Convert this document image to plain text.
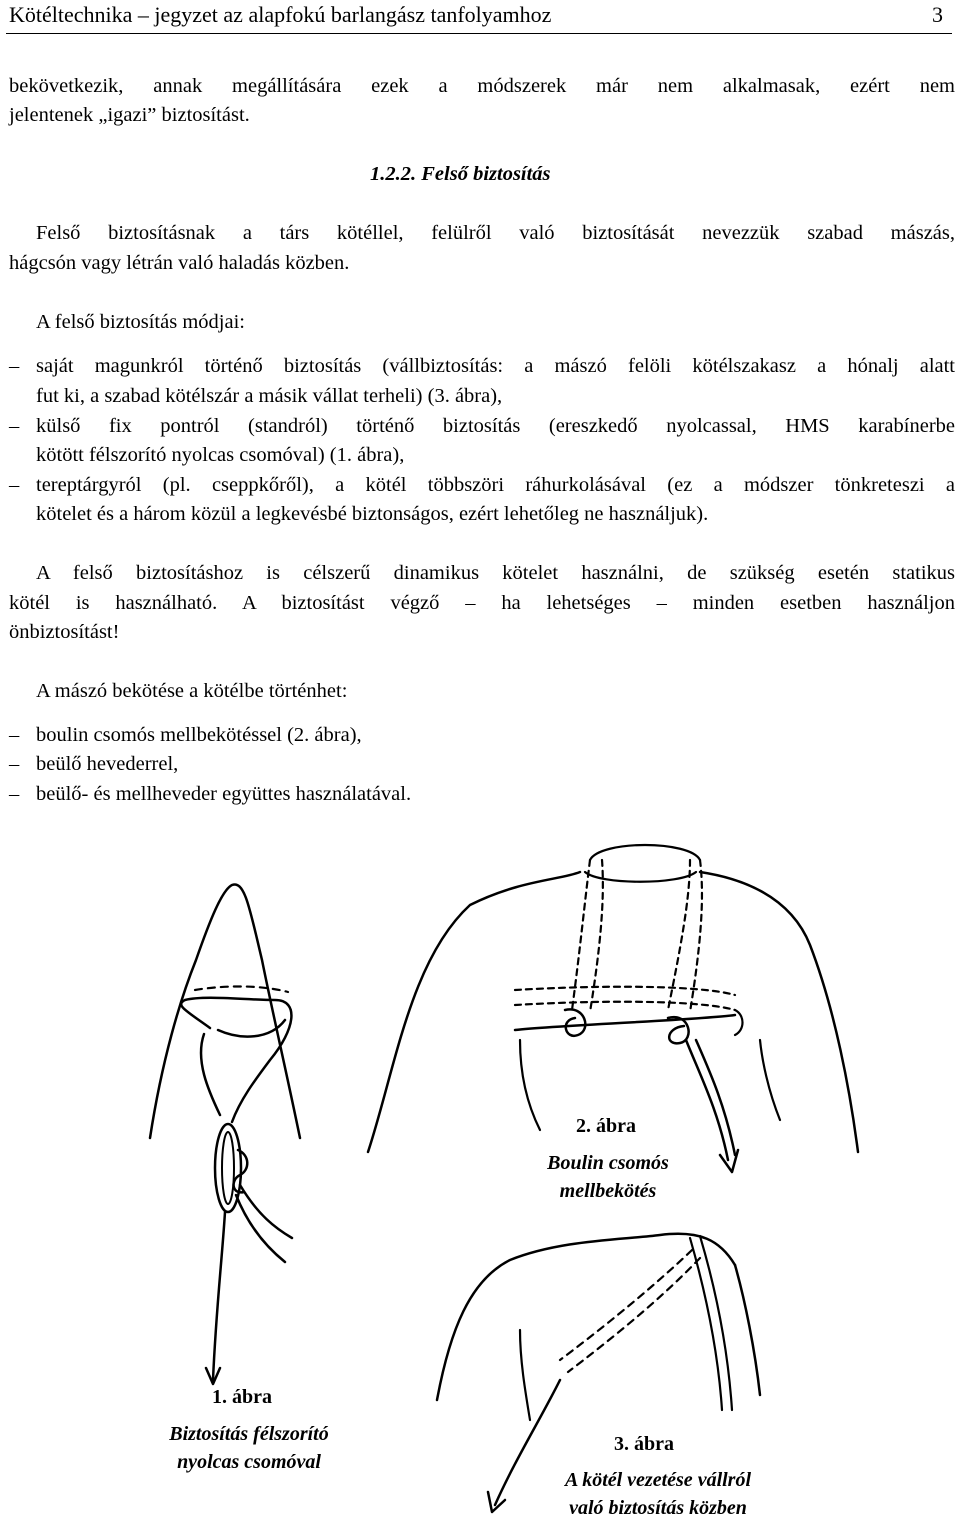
Kötéltechnika – jegyzet az alapfokú barlangász tanfolyamhoz	3
bekövetkezik, annak megállítására ezek a módszerek már nem alkalmasak, ezért nem
jelentenek „igazi” biztosítást.
1.2.2. Felső biztosítás
Felső biztosításnak a társ kötéllel, felülről való biztosítását nevezzük szabad mászás,
hágcsón vagy létrán való haladás közben.
A felső biztosítás módjai:
– saját magunkról történő biztosítás (vállbiztosítás: a mászó felöli kötélszakasz a hónalj alatt
fut ki, a szabad kötélszár a másik vállat terheli) (3. ábra),
– külső fix pontról (standról) történő biztosítás (ereszkedő nyolcassal, HMS karabínerbe
kötött félszorító nyolcas csomóval) (1. ábra),
– tereptárgyról (pl. cseppkőről), a kötél többszöri ráhurkolásával (ez a módszer tönkreteszi a
kötelet és a három közül a legkevésbé biztonságos, ezért lehetőleg ne használjuk).
A felső biztosításhoz is célszerű dinamikus kötelet használni, de szükség esetén statikus
kötél is használható. A biztosítást végző – ha lehetséges – minden esetben használjon
önbiztosítást!
A mászó bekötése a kötélbe történhet:
– boulin csomós mellbekötéssel (2. ábra),
– beülő hevederrel,
– beülő- és mellheveder együttes használatával.
1. ábra
Biztosítás félszorító
nyolcas csomóval
2. ábra
Boulin csomós
mellbekötés
3. ábra
A kötél vezetése vállról
való biztosítás közben
